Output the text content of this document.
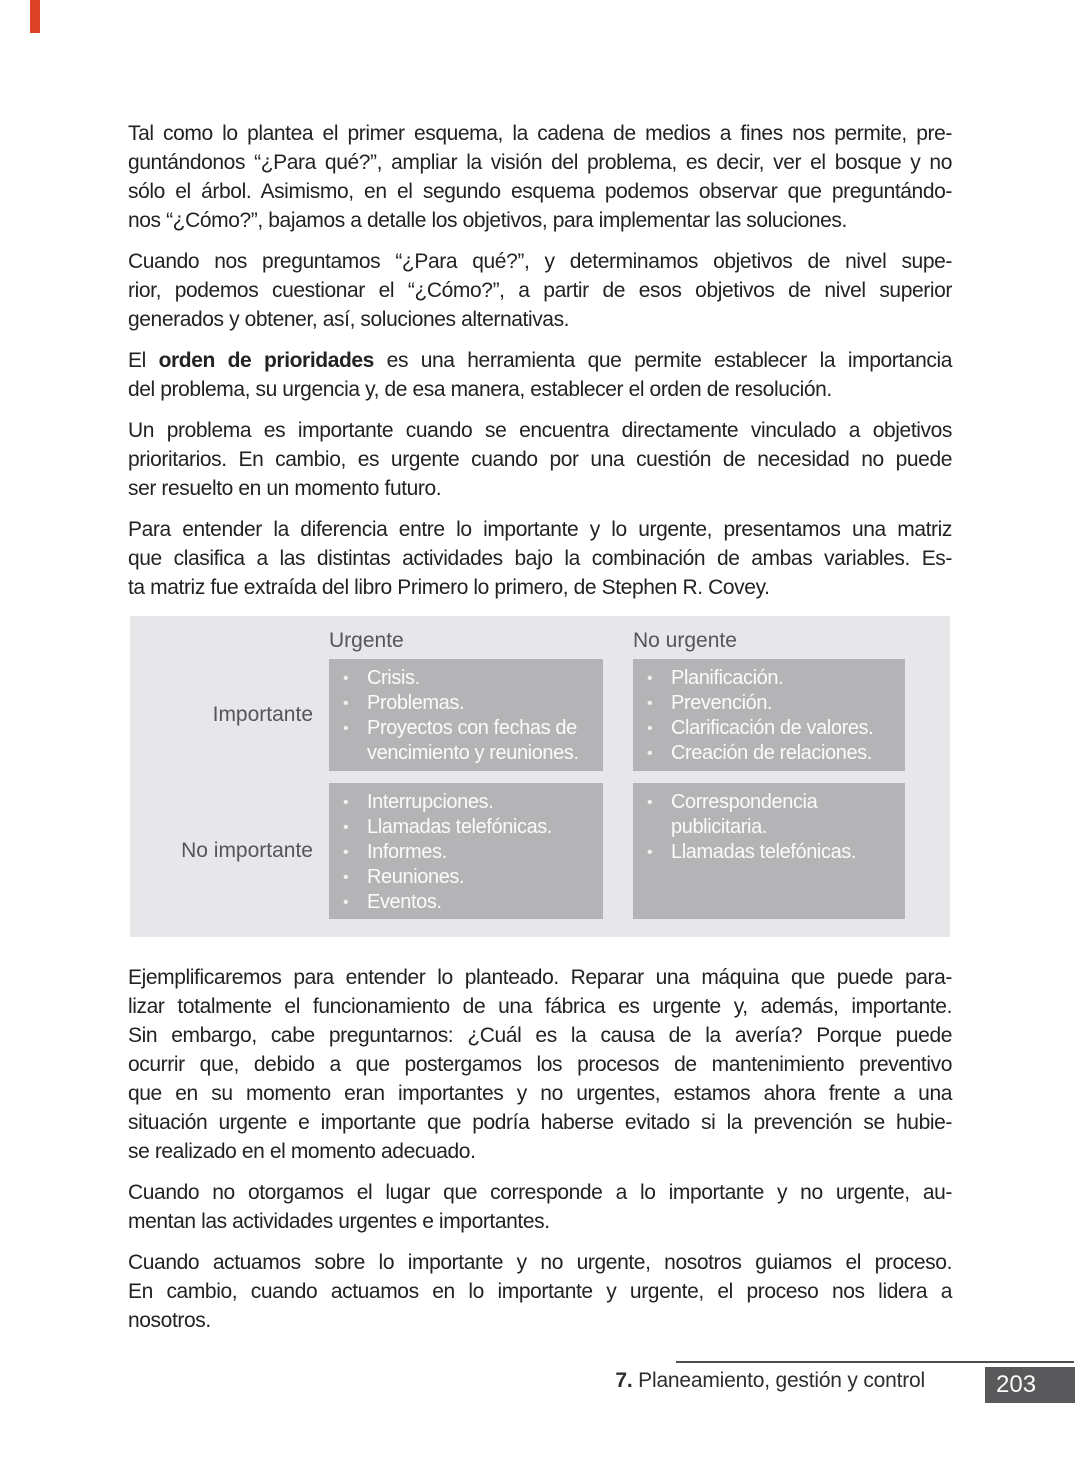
Tal como lo plantea el primer esquema, la cadena de medios a fines nos permite, pre-
guntándonos “¿Para qué?”, ampliar la visión del problema, es decir, ver el bosque y no
sólo el árbol. Asimismo, en el segundo esquema podemos observar que preguntándo-
nos “¿Cómo?”, bajamos a detalle los objetivos, para implementar las soluciones.
Cuando nos preguntamos “¿Para qué?”, y determinamos objetivos de nivel supe-
rior, podemos cuestionar el “¿Cómo?”, a partir de esos objetivos de nivel superior
generados y obtener, así, soluciones alternativas.
El orden de prioridades es una herramienta que permite establecer la importancia
del problema, su urgencia y, de esa manera, establecer el orden de resolución.
Un problema es importante cuando se encuentra directamente vinculado a objetivos
prioritarios. En cambio, es urgente cuando por una cuestión de necesidad no puede
ser resuelto en un momento futuro.
Para entender la diferencia entre lo importante y lo urgente, presentamos una matriz
que clasifica a las distintas actividades bajo la combinación de ambas variables. Es-
ta matriz fue extraída del libro Primero lo primero, de Stephen R. Covey.
Urgente	No urgente
Importante
• Crisis.
• Problemas.
• Proyectos con fechas de vencimiento y reuniones.
• Planificación.
• Prevención.
• Clarificación de valores.
• Creación de relaciones.
No importante
• Interrupciones.
• Llamadas telefónicas.
• Informes.
• Reuniones.
• Eventos.
• Correspondencia publicitaria.
• Llamadas telefónicas.
Ejemplificaremos para entender lo planteado. Reparar una máquina que puede para-
lizar totalmente el funcionamiento de una fábrica es urgente y, además, importante.
Sin embargo, cabe preguntarnos: ¿Cuál es la causa de la avería? Porque puede
ocurrir que, debido a que postergamos los procesos de mantenimiento preventivo
que en su momento eran importantes y no urgentes, estamos ahora frente a una
situación urgente e importante que podría haberse evitado si la prevención se hubie-
se realizado en el momento adecuado.
Cuando no otorgamos el lugar que corresponde a lo importante y no urgente, au-
mentan las actividades urgentes e importantes.
Cuando actuamos sobre lo importante y no urgente, nosotros guiamos el proceso.
En cambio, cuando actuamos en lo importante y urgente, el proceso nos lidera a
nosotros.
7. Planeamiento, gestión y control	203
